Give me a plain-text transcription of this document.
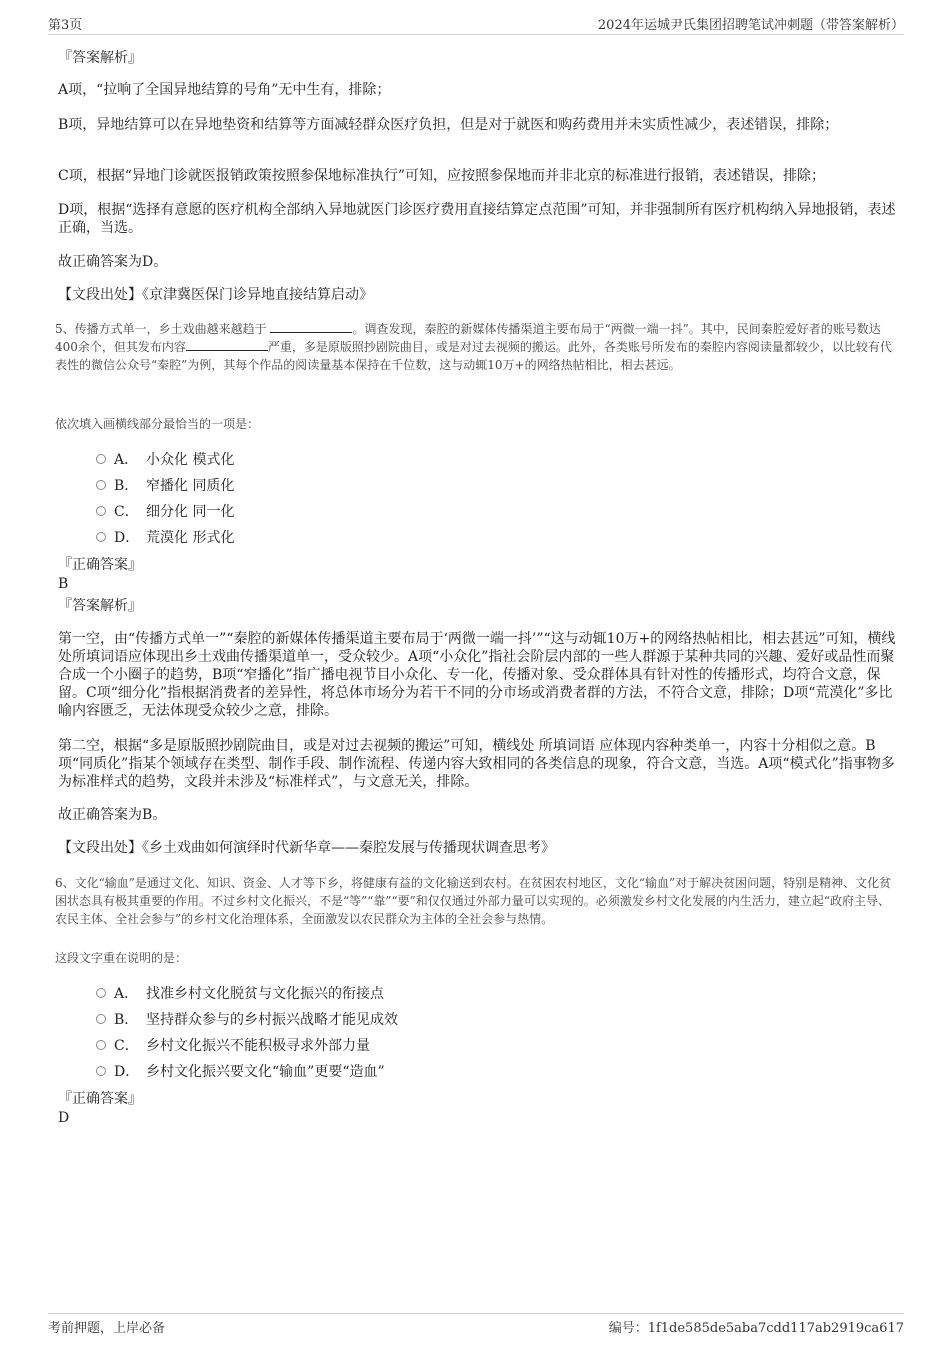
第3页	2024年运城尹氏集团招聘笔试冲刺题（带答案解析）
『答案解析』

A项，“拉响了全国异地结算的号角”无中生有，排除；

B项，异地结算可以在异地垫资和结算等方面减轻群众医疗负担，但是对于就医和购药费用并未实质性减少，表述错误，排除；

C项，根据“异地门诊就医报销政策按照参保地标准执行”可知，应按照参保地而并非北京的标准进行报销，表述错误，排除；

D项，根据“选择有意愿的医疗机构全部纳入异地就医门诊医疗费用直接结算定点范围”可知，并非强制所有医疗机构纳入异地报销，表述正确，当选。

故正确答案为D。

【文段出处】《京津冀医保门诊异地直接结算启动》

5、传播方式单一，乡土戏曲越来越趋于	。调查发现，秦腔的新媒体传播渠道主要布局于“两微一端一抖”。其中，民间秦腔爱好者的账号数达400余个，但其发布内容	严重，多是原版照抄剧院曲目，或是对过去视频的搬运。此外，各类账号所发布的秦腔内容阅读量都较少，以比较有代表性的微信公众号“秦腔”为例，其每个作品的阅读量基本保持在千位数，这与动辄10万+的网络热帖相比，相去甚远。

依次填入画横线部分最恰当的一项是：

A． 小众化 模式化
B． 窄播化 同质化
C． 细分化 同一化
D． 荒漠化 形式化
『正确答案』
B
『答案解析』

第一空，由“传播方式单一”“秦腔的新媒体传播渠道主要布局于‘两微一端一抖’”“这与动辄10万+的网络热帖相比，相去甚远”可知，横线处所填词语应体现出乡土戏曲传播渠道单一，受众较少。A项“小众化”指社会阶层内部的一些人群源于某种共同的兴趣、爱好或品性而聚合成一个小圈子的趋势，B项“窄播化”指广播电视节目小众化、专一化，传播对象、受众群体具有针对性的传播形式，均符合文意，保留。C项“细分化”指根据消费者的差异性，将总体市场分为若干不同的分市场或消费者群的方法，不符合文意，排除；D项“荒漠化”多比喻内容匮乏，无法体现受众较少之意，排除。

第二空，根据“多是原版照抄剧院曲目，或是对过去视频的搬运”可知，横线处 所填词语 应体现内容种类单一，内容十分相似之意。B项“同质化”指某个领域存在类型、制作手段、制作流程、传递内容大致相同的各类信息的现象，符合文意，当选。A项“模式化”指事物多为标准样式的趋势，文段并未涉及“标准样式”，与文意无关，排除。

故正确答案为B。

【文段出处】《乡土戏曲如何演绎时代新华章——秦腔发展与传播现状调查思考》

6、文化“输血”是通过文化、知识、资金、人才等下乡，将健康有益的文化输送到农村。在贫困农村地区，文化“输血”对于解决贫困问题，特别是精神、文化贫困状态具有极其重要的作用。不过乡村文化振兴，不是“等”“靠”“要”和仅仅通过外部力量可以实现的。必须激发乡村文化发展的内生活力，建立起“政府主导、农民主体、全社会参与”的乡村文化治理体系，全面激发以农民群众为主体的全社会参与热情。

这段文字重在说明的是：

A． 找准乡村文化脱贫与文化振兴的衔接点
B． 坚持群众参与的乡村振兴战略才能见成效
C． 乡村文化振兴不能积极寻求外部力量
D． 乡村文化振兴要文化“输血”更要“造血”
『正确答案』
D
考前押题，上岸必备	编号：1f1de585de5aba7cdd117ab2919ca617
